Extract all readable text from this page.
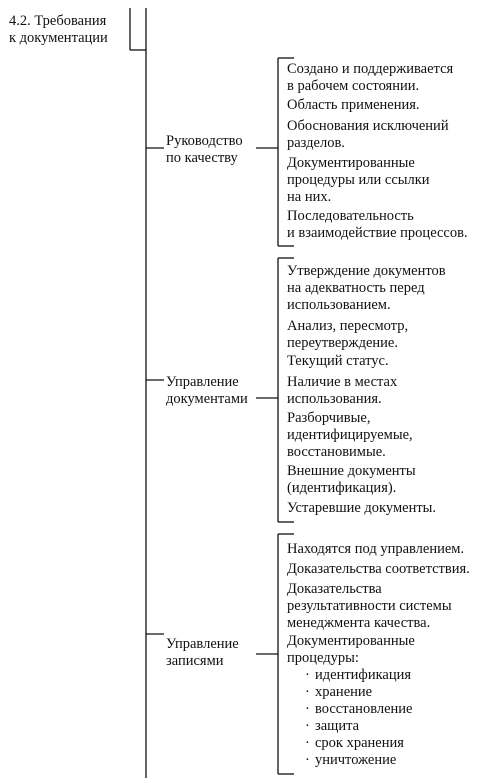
4.2. Требования
к документации

Руководство
по качеству

Управление
документами

Управление
записями

Создано и поддерживается
в рабочем состоянии.

Область применения.

Обоснования исключений
разделов.

Документированные
процедуры или ссылки
на них.

Последовательность
и взаимодействие процессов.

Утверждение документов
на адекватность перед
использованием.

Анализ, пересмотр,
переутверждение.

Текущий статус.

Наличие в местах
использования.

Разборчивые,
идентифицируемые,
восстановимые.

Внешние документы
(идентификация).

Устаревшие документы.

Находятся под управлением.

Доказательства соответствия.

Доказательства
результативности системы
менеджмента качества.

Документированные
процедуры:

· идентификация

· хранение

· восстановление

· защита

· срок хранения

· уничтожение
